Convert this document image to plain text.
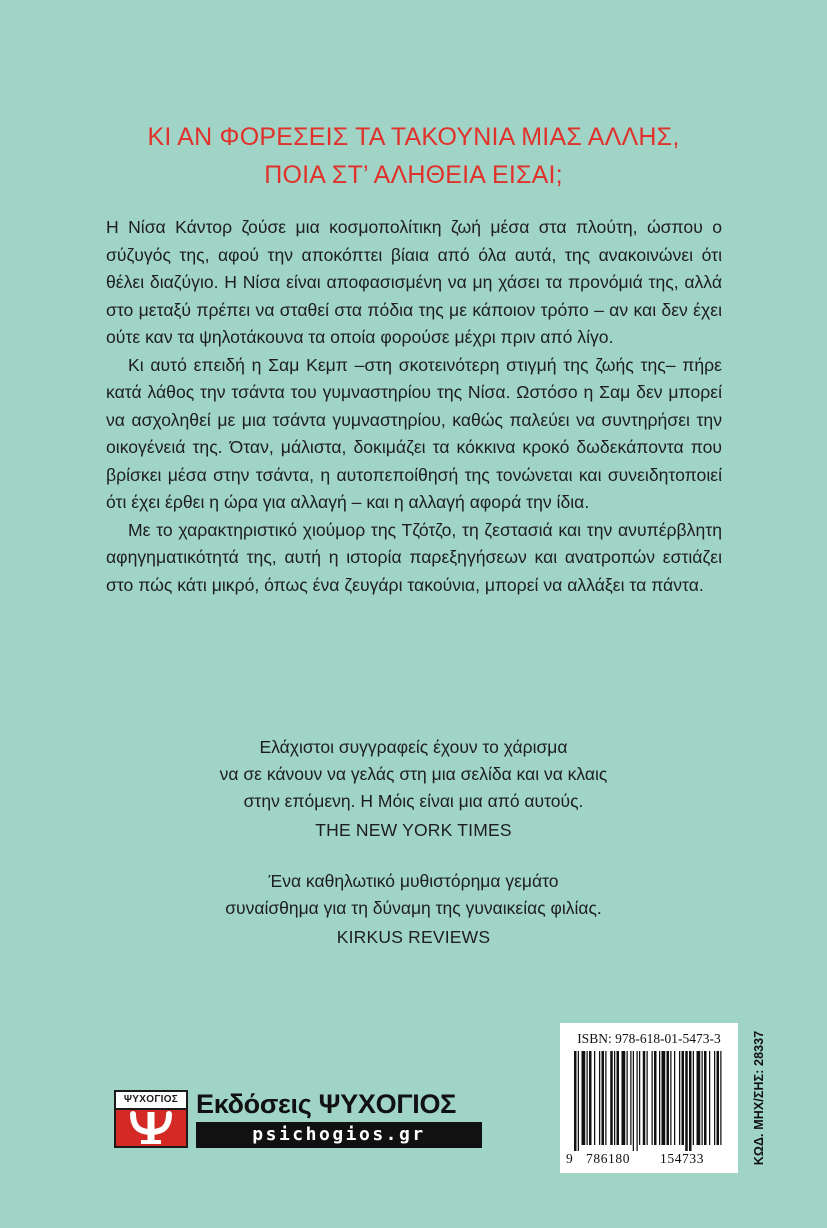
ΚΙ ΑΝ ΦΟΡΕΣΕΙΣ ΤΑ ΤΑΚΟΥΝΙΑ ΜΙΑΣ ΑΛΛΗΣ,
ΠΟΙΑ ΣΤ’ ΑΛΗΘΕΙΑ ΕΙΣΑΙ;

Η Νίσα Κάντορ ζούσε μια κοσμοπολίτικη ζωή μέσα στα πλούτη, ώσπου ο σύζυγός της, αφού την αποκόπτει βίαια από όλα αυτά, της ανακοινώνει ότι θέλει διαζύγιο. Η Νίσα είναι αποφασισμένη να μη χάσει τα προνόμιά της, αλλά στο μεταξύ πρέπει να σταθεί στα πόδια της με κάποιον τρόπο – αν και δεν έχει ούτε καν τα ψηλοτάκουνα τα οποία φορούσε μέχρι πριν από λίγο.

Κι αυτό επειδή η Σαμ Κεμπ –στη σκοτεινότερη στιγμή της ζωής της– πήρε κατά λάθος την τσάντα του γυμναστηρίου της Νίσα. Ωστόσο η Σαμ δεν μπορεί να ασχοληθεί με μια τσάντα γυμναστηρίου, καθώς παλεύει να συντηρήσει την οικογένειά της. Όταν, μάλιστα, δοκιμάζει τα κόκκινα κροκό δωδεκάποντα που βρίσκει μέσα στην τσάντα, η αυτοπεποίθησή της τονώνεται και συνειδητοποιεί ότι έχει έρθει η ώρα για αλλαγή – και η αλλαγή αφορά την ίδια.

Με το χαρακτηριστικό χιούμορ της Τζότζο, τη ζεστασιά και την ανυπέρβλητη αφηγηματικότητά της, αυτή η ιστορία παρεξηγήσεων και ανατροπών εστιάζει στο πώς κάτι μικρό, όπως ένα ζευγάρι τακούνια, μπορεί να αλλάξει τα πάντα.

Ελάχιστοι συγγραφείς έχουν το χάρισμα
να σε κάνουν να γελάς στη μια σελίδα και να κλαις
στην επόμενη. Η Μόις είναι μια από αυτούς.
THE NEW YORK TIMES
Ένα καθηλωτικό μυθιστόρημα γεμάτο
συναίσθημα για τη δύναμη της γυναικείας φιλίας.
KIRKUS REVIEWS
ΨΥΧΟΓΙΟΣ Εκδόσεις ΨΥΧΟΓΙΟΣ
psichogios.gr
ISBN: 978-618-01-5473-3
9 786180 154733	ΚΩΔ. ΜΗΧ/ΣΗΣ: 28337
